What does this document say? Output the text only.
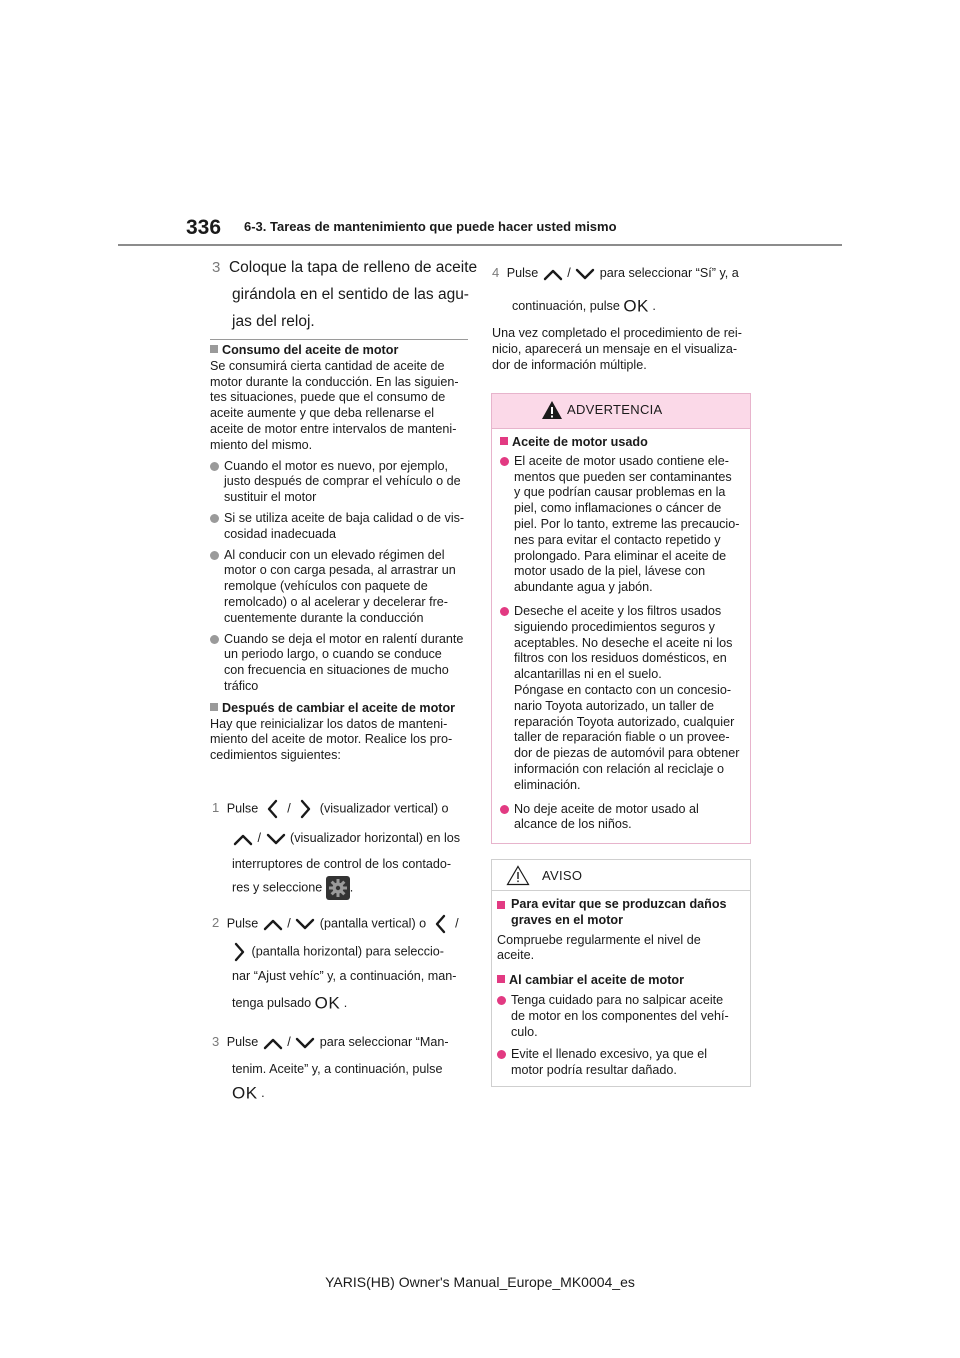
336 6-3. Tareas de mantenimiento que puede hacer usted mismo
3 Coloque la tapa de relleno de aceite
girándola en el sentido de las agu-
jas del reloj.
Consumo del aceite de motor
Se consumirá cierta cantidad de aceite de
motor durante la conducción. En las siguien-
tes situaciones, puede que el consumo de
aceite aumente y que deba rellenarse el
aceite de motor entre intervalos de manteni-
miento del mismo.
Cuando el motor es nuevo, por ejemplo,
justo después de comprar el vehículo o de
sustituir el motor
Si se utiliza aceite de baja calidad o de vis-
cosidad inadecuada
Al conducir con un elevado régimen del
motor o con carga pesada, al arrastrar un
remolque (vehículos con paquete de
remolcado) o al acelerar y decelerar fre-
cuentemente durante la conducción
Cuando se deja el motor en ralentí durante
un periodo largo, o cuando se conduce
con frecuencia en situaciones de mucho
tráfico
Después de cambiar el aceite de motor
Hay que reinicializar los datos de manteni-
miento del aceite de motor. Realice los pro-
cedimientos siguientes:
1 Pulse / (visualizador vertical) o
/ (visualizador horizontal) en los
interruptores de control de los contado-
res y seleccione .
2 Pulse / (pantalla vertical) o /
(pantalla horizontal) para seleccio-
nar “Ajust vehíc” y, a continuación, man-
tenga pulsado OK .
3 Pulse / para seleccionar “Man-
tenim. Aceite” y, a continuación, pulse
OK .
4 Pulse / para seleccionar “Sí” y, a
continuación, pulse OK .
Una vez completado el procedimiento de rei-
nicio, aparecerá un mensaje en el visualiza-
dor de información múltiple.
ADVERTENCIA
Aceite de motor usado
El aceite de motor usado contiene ele-
mentos que pueden ser contaminantes
y que podrían causar problemas en la
piel, como inflamaciones o cáncer de
piel. Por lo tanto, extreme las precaucio-
nes para evitar el contacto repetido y
prolongado. Para eliminar el aceite de
motor usado de la piel, lávese con
abundante agua y jabón.
Deseche el aceite y los filtros usados
siguiendo procedimientos seguros y
aceptables. No deseche el aceite ni los
filtros con los residuos domésticos, en
alcantarillas ni en el suelo.
Póngase en contacto con un concesio-
nario Toyota autorizado, un taller de
reparación Toyota autorizado, cualquier
taller de reparación fiable o un provee-
dor de piezas de automóvil para obtener
información con relación al reciclaje o
eliminación.
No deje aceite de motor usado al
alcance de los niños.
AVISO
Para evitar que se produzcan daños
graves en el motor
Compruebe regularmente el nivel de
aceite.
Al cambiar el aceite de motor
Tenga cuidado para no salpicar aceite
de motor en los componentes del vehí-
culo.
Evite el llenado excesivo, ya que el
motor podría resultar dañado.
YARIS(HB) Owner's Manual_Europe_MK0004_es
